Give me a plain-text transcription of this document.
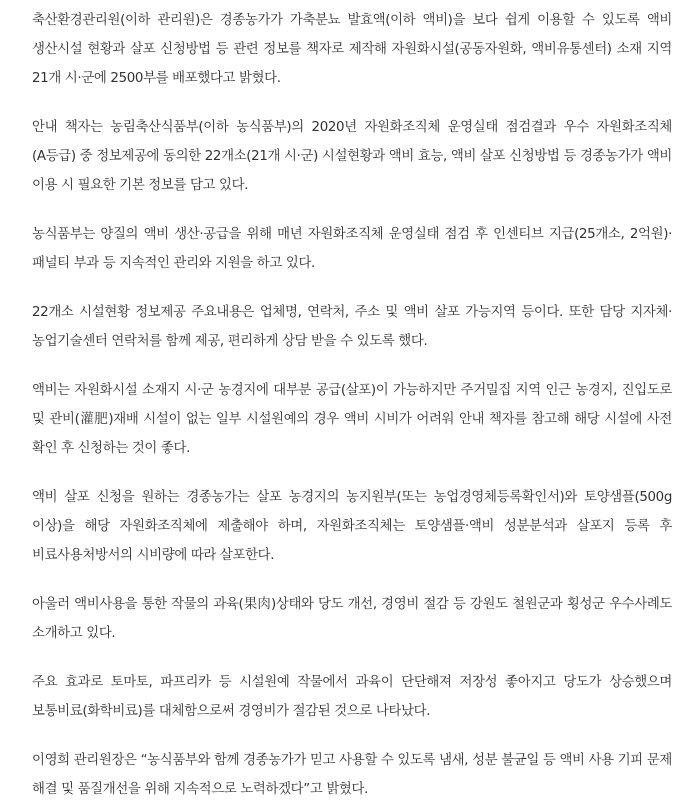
축산환경관리원(이하 관리원)은 경종농가가 가축분뇨 발효액(이하 액비)을 보다 쉽게 이용할 수 있도록 액비 생산시설 현황과 살포 신청방법 등 관련 정보를 책자로 제작해 자원화시설(공동자원화, 액비유통센터) 소재 지역 21개 시·군에 2500부를 배포했다고 밝혔다.

안내 책자는 농림축산식품부(이하 농식품부)의 2020년 자원화조직체 운영실태 점검결과 우수 자원화조직체(A등급) 중 정보제공에 동의한 22개소(21개 시·군) 시설현황과 액비 효능, 액비 살포 신청방법 등 경종농가가 액비 이용 시 필요한 기본 정보를 담고 있다.

농식품부는 양질의 액비 생산·공급을 위해 매년 자원화조직체 운영실태 점검 후 인센티브 지급(25개소, 2억원)·패널티 부과 등 지속적인 관리와 지원을 하고 있다.

22개소 시설현황 정보제공 주요내용은 업체명, 연락처, 주소 및 액비 살포 가능지역 등이다. 또한 담당 지자체·농업기술센터 연락처를 함께 제공, 편리하게 상담 받을 수 있도록 했다.

액비는 자원화시설 소재지 시·군 농경지에 대부분 공급(살포)이 가능하지만 주거밀집 지역 인근 농경지, 진입도로 및 관비(灌肥)재배 시설이 없는 일부 시설원예의 경우 액비 시비가 어려워 안내 책자를 참고해 해당 시설에 사전 확인 후 신청하는 것이 좋다.

액비 살포 신청을 원하는 경종농가는 살포 농경지의 농지원부(또는 농업경영체등록확인서)와 토양샘플(500g 이상)을 해당 자원화조직체에 제출해야 하며, 자원화조직체는 토양샘플·액비 성분분석과 살포지 등록 후 비료사용처방서의 시비량에 따라 살포한다.

아울러 액비사용을 통한 작물의 과육(果肉)상태와 당도 개선, 경영비 절감 등 강원도 철원군과 횡성군 우수사례도 소개하고 있다.

주요 효과로 토마토, 파프리카 등 시설원예 작물에서 과육이 단단해져 저장성 좋아지고 당도가 상승했으며 보통비료(화학비료)를 대체함으로써 경영비가 절감된 것으로 나타났다.

이영희 관리원장은 “농식품부와 함께 경종농가가 믿고 사용할 수 있도록 냄새, 성분 불균일 등 액비 사용 기피 문제 해결 및 품질개선을 위해 지속적으로 노력하겠다”고 밝혔다.
